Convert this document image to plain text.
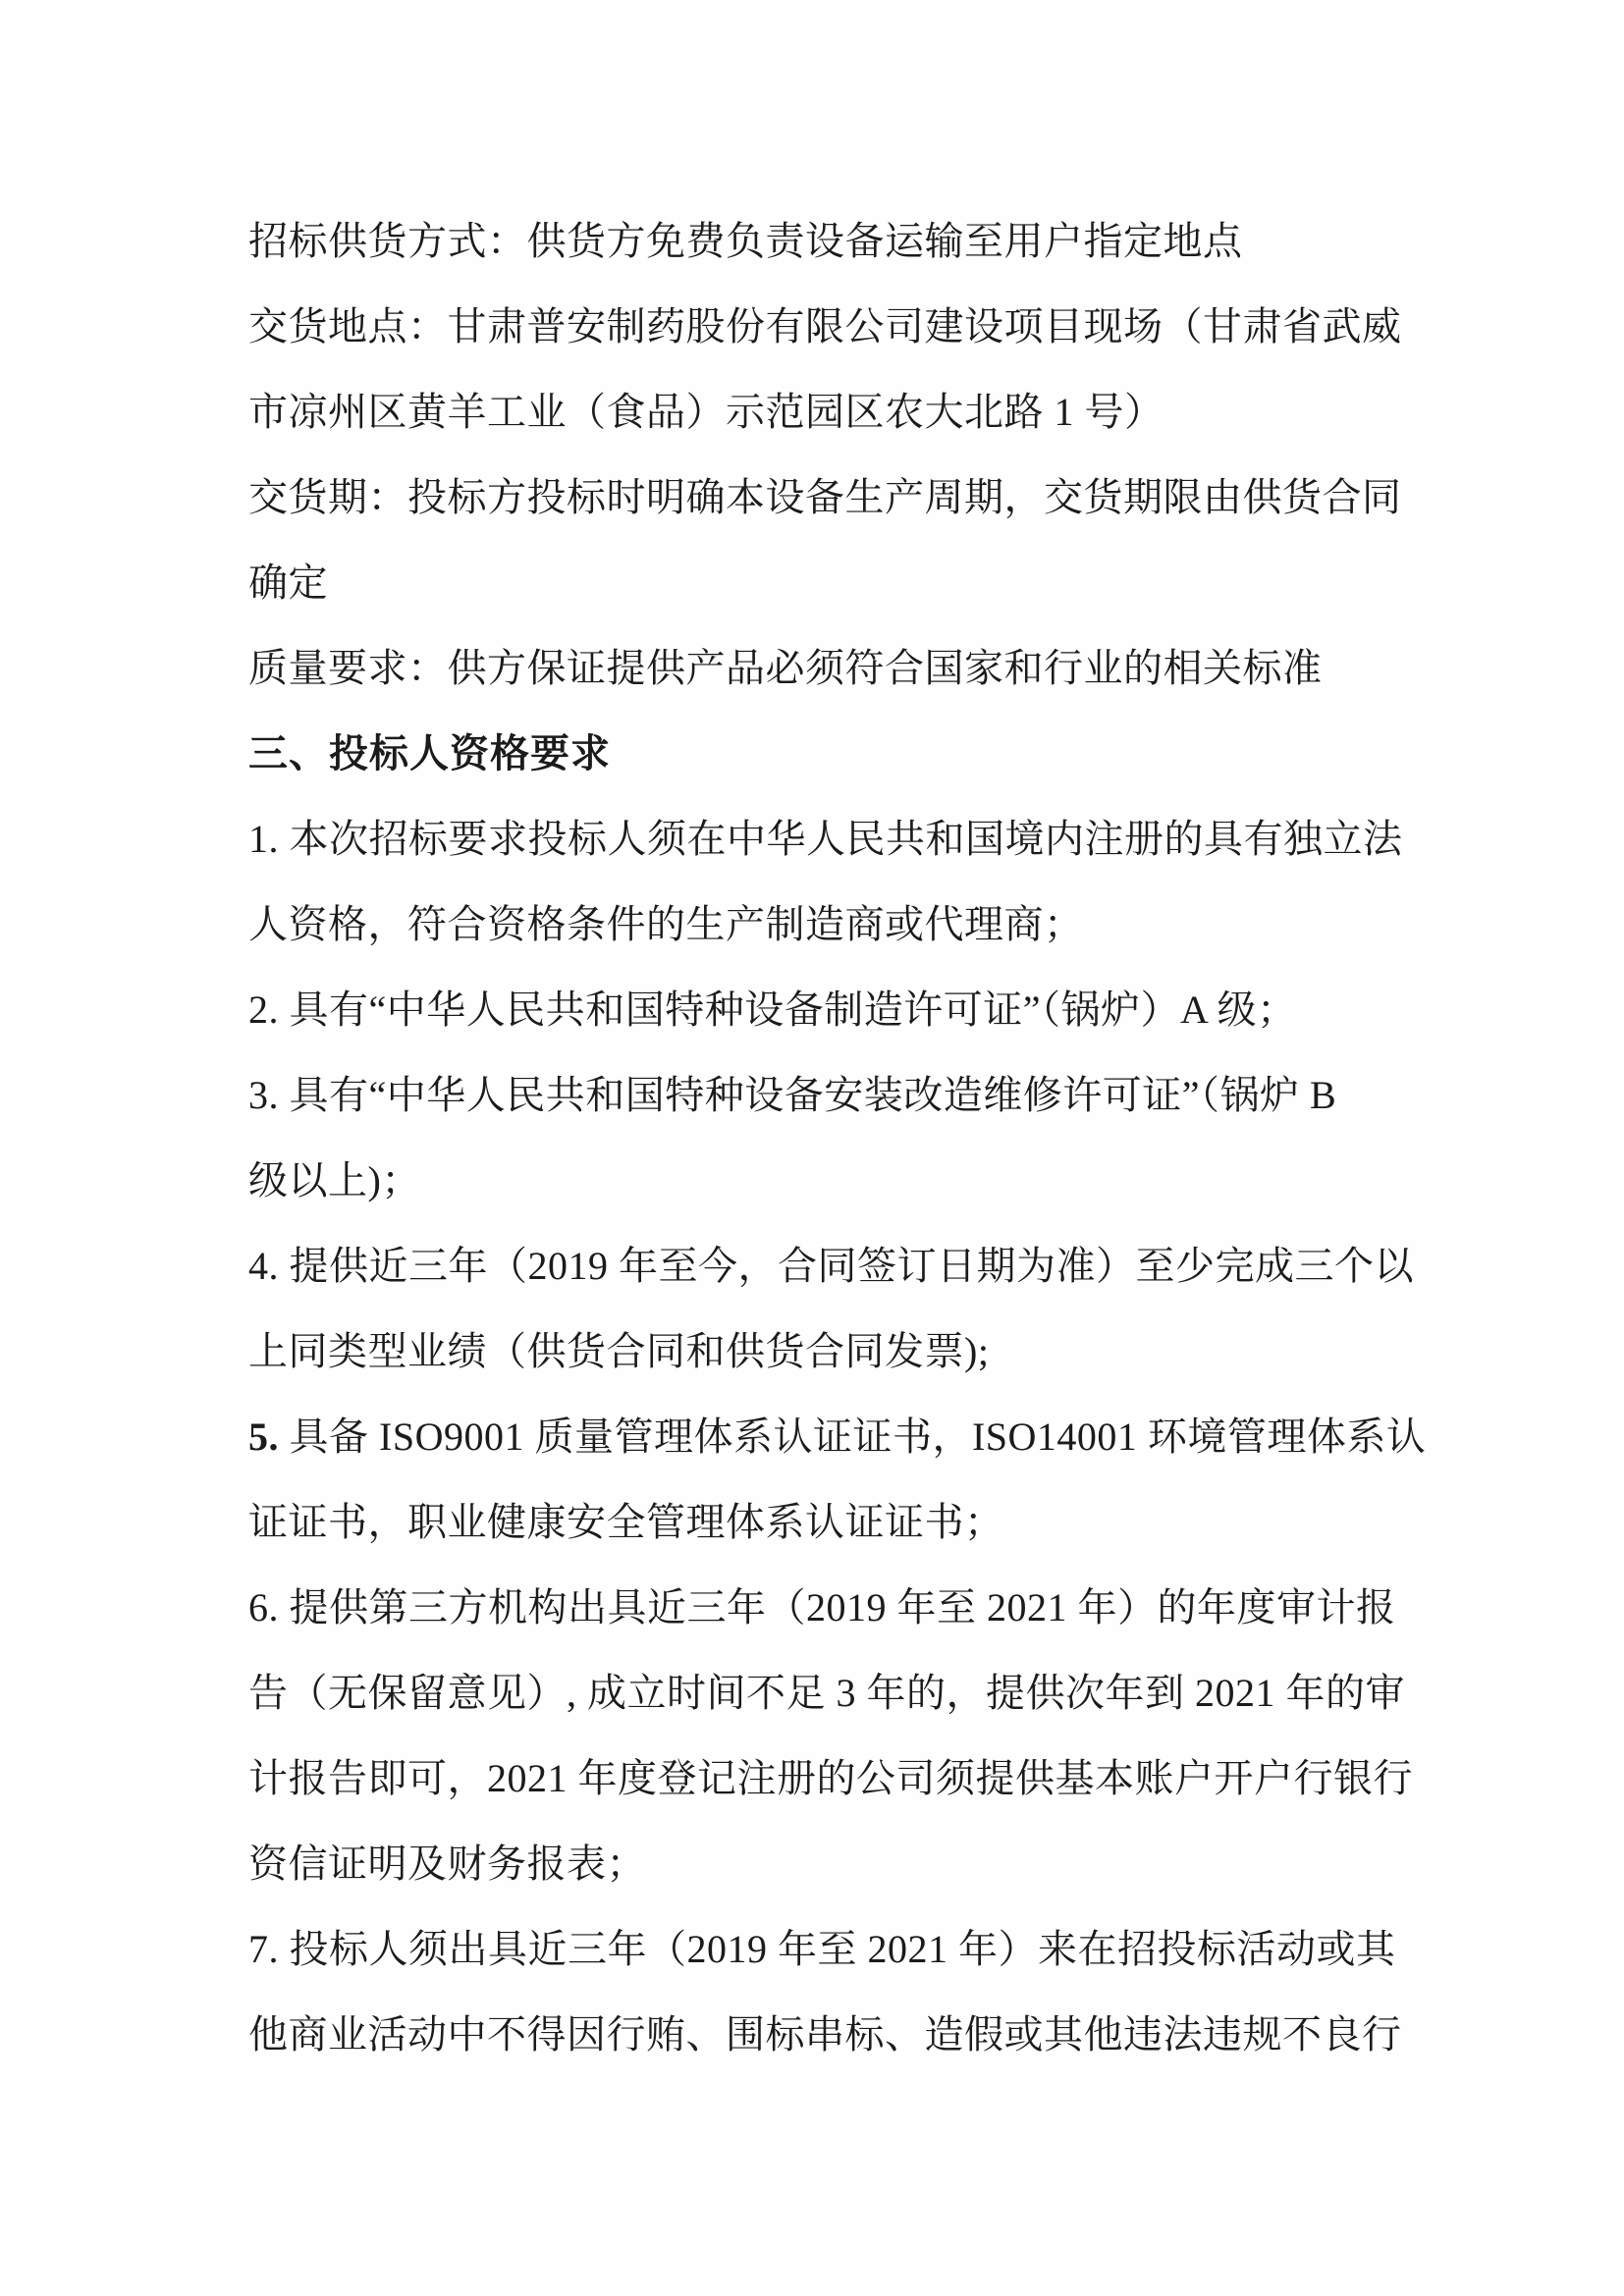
招标供货方式：供货方免费负责设备运输至用户指定地点
交货地点：甘肃普安制药股份有限公司建设项目现场（甘肃省武威
市凉州区黄羊工业（食品）示范园区农大北路 1 号）
交货期：投标方投标时明确本设备生产周期，交货期限由供货合同
确定
质量要求：供方保证提供产品必须符合国家和行业的相关标准
三、投标人资格要求
1. 本次招标要求投标人须在中华人民共和国境内注册的具有独立法
人资格，符合资格条件的生产制造商或代理商；
2. 具有“中华人民共和国特种设备制造许可证”（锅炉）A 级；
3. 具有“中华人民共和国特种设备安装改造维修许可证”（锅炉 B
级以上)；
4. 提供近三年（2019 年至今，合同签订日期为准）至少完成三个以
上同类型业绩（供货合同和供货合同发票);
5. 具备 ISO9001 质量管理体系认证证书，ISO14001 环境管理体系认
证证书，职业健康安全管理体系认证证书；
6. 提供第三方机构出具近三年（2019 年至 2021 年）的年度审计报
告（无保留意见）, 成立时间不足 3 年的，提供次年到 2021 年的审
计报告即可，2021 年度登记注册的公司须提供基本账户开户行银行
资信证明及财务报表；
7. 投标人须出具近三年（2019 年至 2021 年）来在招投标活动或其
他商业活动中不得因行贿、围标串标、造假或其他违法违规不良行
